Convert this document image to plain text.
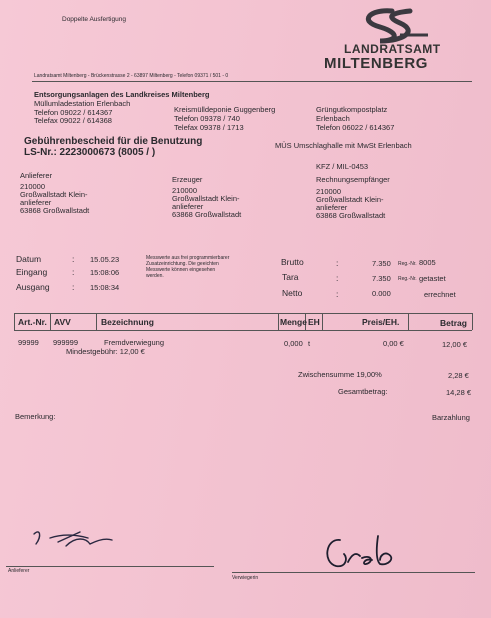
Doppelte Ausfertigung
LANDRATSAMT
MILTENBERG
Landratsamt Miltenberg - Brückenstrasse 2 - 63897 Miltenberg - Telefon 09371 / 501 - 0
Entsorgungsanlagen des Landkreises Miltenberg
Müllumladestation Erlenbach
Telefon 09022 / 614367
Telefax 09022 / 614368
Kreismülldeponie Guggenberg
Telefon 09378 / 740
Telefax 09378 / 1713
Grüngutkompostplatz
Erlenbach
Telefon 06022 / 614367
Gebührenbescheid für die Benutzung
LS-Nr.: 2223000673 (8005 / )
MÜS Umschlaghalle mit MwSt Erlenbach
KFZ / MIL-0453
Anlieferer
210000
Großwallstadt Klein-
anlieferer
63868 Großwallstadt
Erzeuger
210000
Großwallstadt Klein-
anlieferer
63868 Großwallstadt
Rechnungsempfänger
210000
Großwallstadt Klein-
anlieferer
63868 Großwallstadt
Datum	: 15.05.23
Eingang	: 15:08:06
Ausgang	: 15:08:34
Messwerte aus frei programmierbarer
Zusatzeinrichtung. Die geeichten
Messwerte können eingesehen
werden.
Brutto	:	7.350 Reg.-Nr. 8005
Tara	:	7.350 Reg.-Nr. getastet
Netto	:	0.000	errechnet
Art.-Nr. AVV	Bezeichnung	Menge EH	Preis/EH.	Betrag
99999 999999	Fremdverwiegung	0,000 t	0,00 €	12,00 €
Mindestgebühr: 12,00 €
Zwischensumme 19,00%	2,28 €
Gesamtbetrag:	14,28 €
Bemerkung:	Barzahlung
Anlieferer
Verwiegerin
